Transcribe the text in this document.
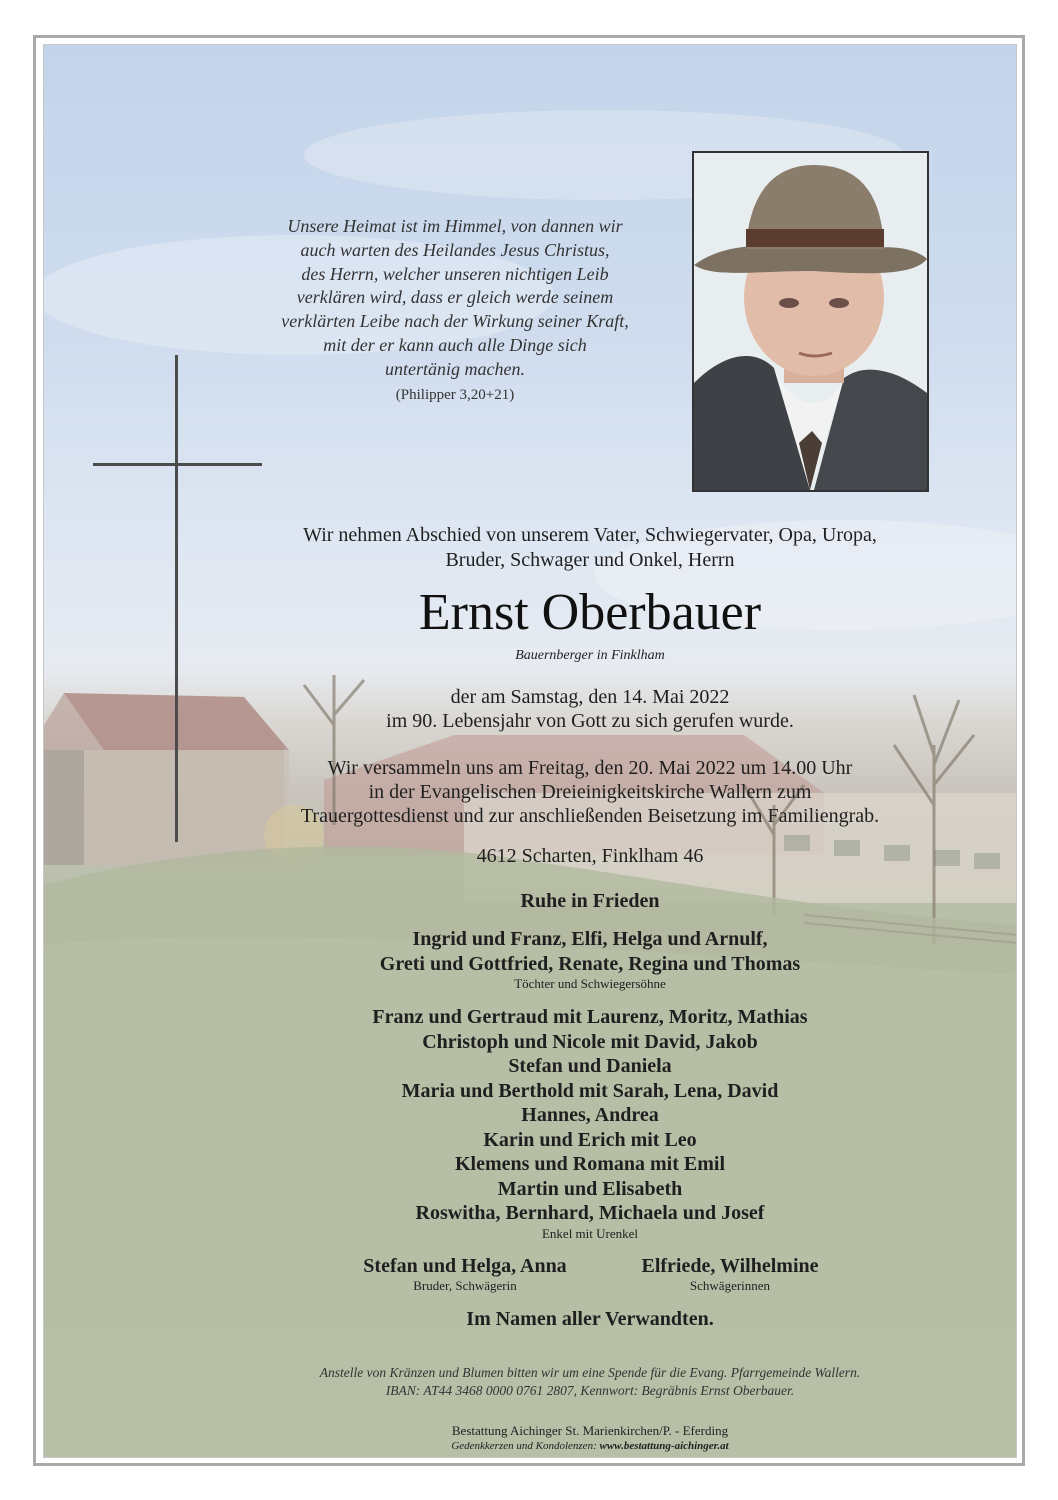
Unsere Heimat ist im Himmel, von dannen wir
auch warten des Heilandes Jesus Christus,
des Herrn, welcher unseren nichtigen Leib
verklären wird, dass er gleich werde seinem
verklärten Leibe nach der Wirkung seiner Kraft,
mit der er kann auch alle Dinge sich
untertänig machen.
(Philipper 3,20+21)
Wir nehmen Abschied von unserem Vater, Schwiegervater, Opa, Uropa,
Bruder, Schwager und Onkel, Herrn
Ernst Oberbauer
Bauernberger in Finklham
der am Samstag, den 14. Mai 2022
im 90. Lebensjahr von Gott zu sich gerufen wurde.
Wir versammeln uns am Freitag, den 20. Mai 2022 um 14.00 Uhr
in der Evangelischen Dreieinigkeitskirche Wallern zum
Trauergottesdienst und zur anschließenden Beisetzung im Familiengrab.
4612 Scharten, Finklham 46
Ruhe in Frieden
Ingrid und Franz, Elfi, Helga und Arnulf,
Greti und Gottfried, Renate, Regina und Thomas
Töchter und Schwiegersöhne
Franz und Gertraud mit Laurenz, Moritz, Mathias
Christoph und Nicole mit David, Jakob
Stefan und Daniela
Maria und Berthold mit Sarah, Lena, David
Hannes, Andrea
Karin und Erich mit Leo
Klemens und Romana mit Emil
Martin und Elisabeth
Roswitha, Bernhard, Michaela und Josef
Enkel mit Urenkel
Stefan und Helga, Anna
Bruder, Schwägerin
Elfriede, Wilhelmine
Schwägerinnen
Im Namen aller Verwandten.
Anstelle von Kränzen und Blumen bitten wir um eine Spende für die Evang. Pfarrgemeinde Wallern.
IBAN: AT44 3468 0000 0761 2807, Kennwort: Begräbnis Ernst Oberbauer.
Bestattung Aichinger St. Marienkirchen/P. - Eferding
Gedenkkerzen und Kondolenzen: www.bestattung-aichinger.at
